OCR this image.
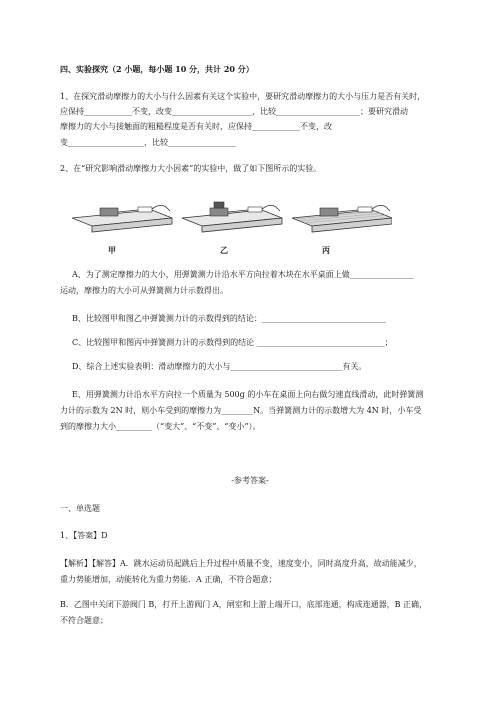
四、实验探究（2 小题，每小题 10 分，共计 20 分）
1、在探究滑动摩擦力的大小与什么因素有关这个实验中，要研究滑动摩擦力的大小与压力是否有关时，
应保持____________不变，改变____________________，比较_____________________；要研究滑动
摩擦力的大小与接触面的粗糙程度是否有关时，应保持____________不变，改
变___________________，比较_________________
2、在“研究影响滑动摩擦力大小因素”的实验中，做了如下图所示的实验。
甲	乙	丙
A、为了测定摩擦力的大小，用弹簧测力计沿水平方向拉着木块在水平桌面上做________________
运动，摩擦力的大小可从弹簧测力计示数得出。
B、比较图甲和图乙中弹簧测力计的示数得到的结论：_______________________________
C、比较图甲和图丙中弹簧测力计的示数得到的结论 ________________________________；
D、综合上述实验表明：滑动摩擦力的大小与____________________________有关。
E、用弹簧测力计沿水平方向拉一个质量为 500g 的小车在桌面上向右做匀速直线滑动，此时弹簧测
力计的示数为 2N 时，则小车受到的摩擦力为________N。当弹簧测力计的示数增大为 4N 时，小车受
到的摩擦力大小_________（“变大”、“不变”、“变小”）。
-参考答案-
一、单选题
1、【答案】D
【解析】【解答】A．跳水运动员起跳后上升过程中质量不变，速度变小，同时高度升高，故动能减少，
重力势能增加，动能转化为重力势能．A 正确，不符合题意；
B．乙图中关闭下游阀门 B，打开上游阀门 A，闸室和上游上端开口，底部连通，构成连通器，B 正确，
不符合题意；
